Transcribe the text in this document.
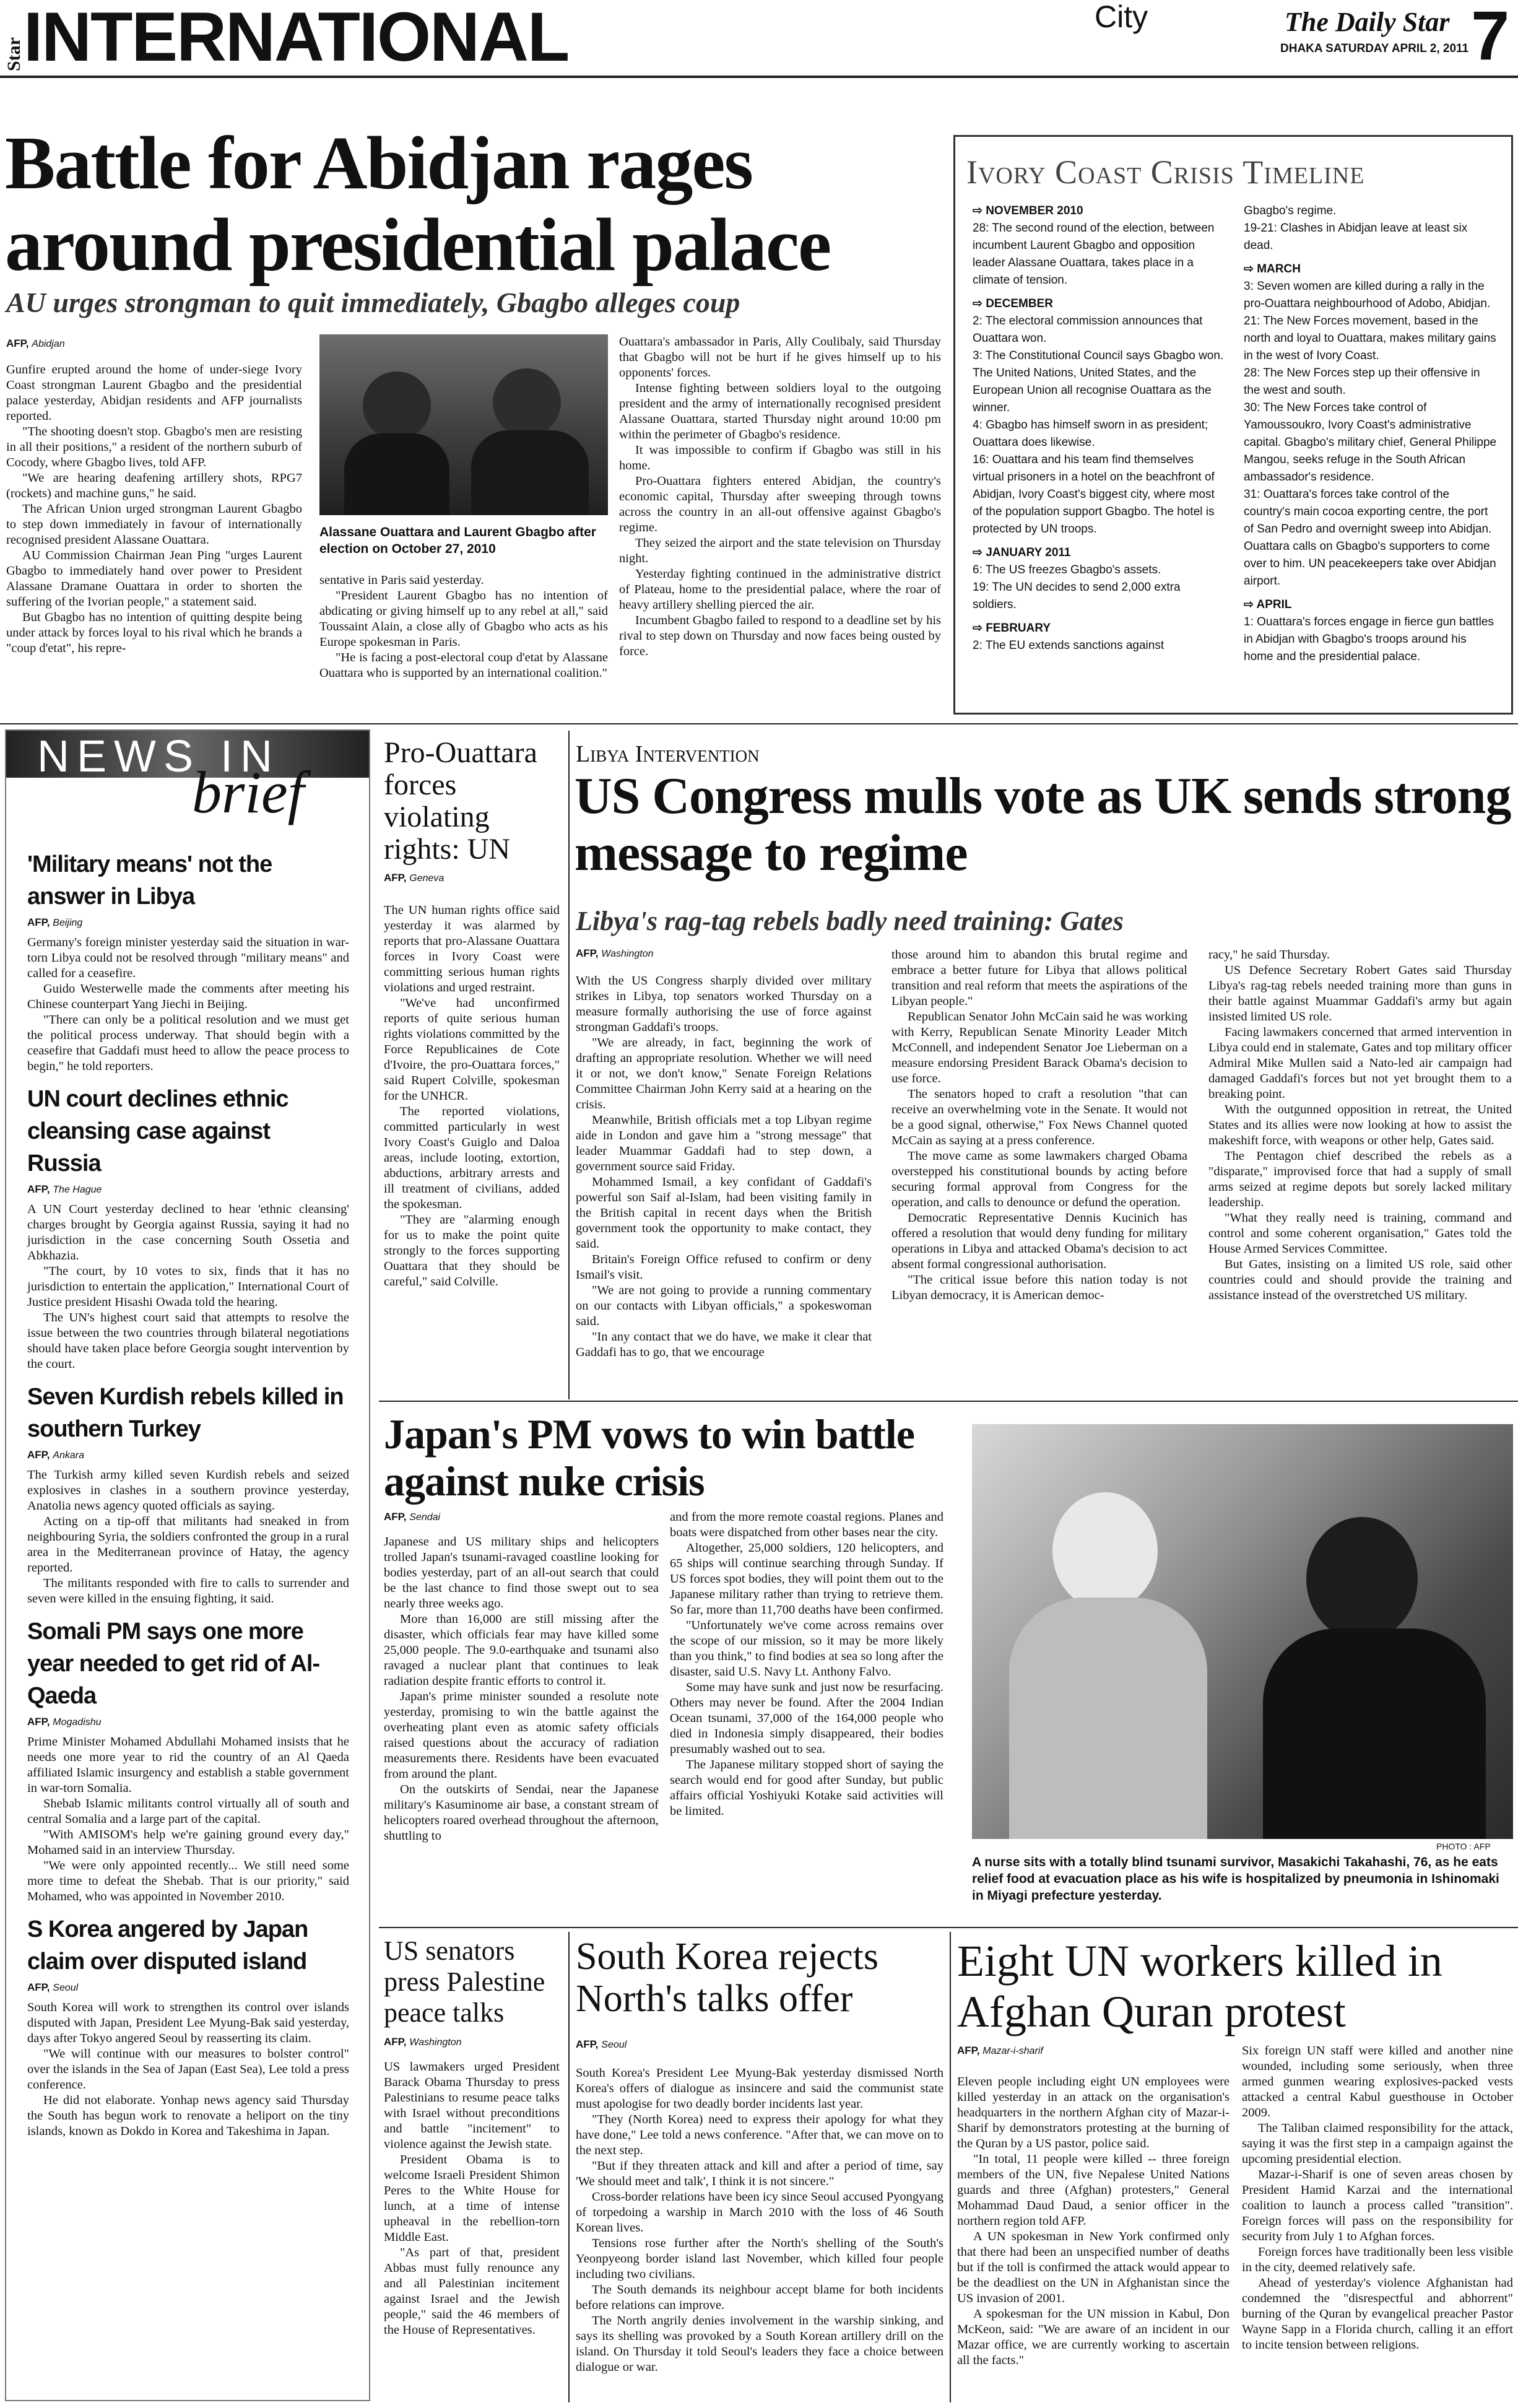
Star INTERNATIONAL	City	The Daily Star
DHAKA SATURDAY APRIL 2, 2011 7
Battle for Abidjan rages around presidential palace
AU urges strongman to quit immediately, Gbagbo alleges coup
AFP, Abidjan

Gunfire erupted around the home of under-siege Ivory Coast strongman Laurent Gbagbo and the presidential palace yesterday, Abidjan residents and AFP journalists reported.

"The shooting doesn't stop. Gbagbo's men are resisting in all their positions," a resident of the northern suburb of Cocody, where Gbagbo lives, told AFP.

"We are hearing deafening artillery shots, RPG7 (rockets) and machine guns," he said.

The African Union urged strongman Laurent Gbagbo to step down immediately in favour of internationally recognised president Alassane Ouattara.

AU Commission Chairman Jean Ping "urges Laurent Gbagbo to immediately hand over power to President Alassane Dramane Ouattara in order to shorten the suffering of the Ivorian people," a statement said.

But Gbagbo has no intention of quitting despite being under attack by forces loyal to his rival which he brands a "coup d'etat", his repre-

Alassane Ouattara and Laurent Gbagbo after election on October 27, 2010

sentative in Paris said yesterday.

"President Laurent Gbagbo has no intention of abdicating or giving himself up to any rebel at all," said Toussaint Alain, a close ally of Gbagbo who acts as his Europe spokesman in Paris.

"He is facing a post-electoral coup d'etat by Alassane Ouattara who is supported by an international coalition."

Ouattara's ambassador in Paris, Ally Coulibaly, said Thursday that Gbagbo will not be hurt if he gives himself up to his opponents' forces.

Intense fighting between soldiers loyal to the outgoing president and the army of internationally recognised president Alassane Ouattara, started Thursday night around 10:00 pm within the perimeter of Gbagbo's residence.

It was impossible to confirm if Gbagbo was still in his home.

Pro-Ouattara fighters entered Abidjan, the country's economic capital, Thursday after sweeping through towns across the country in an all-out offensive against Gbagbo's regime.

They seized the airport and the state television on Thursday night.

Yesterday fighting continued in the administrative district of Plateau, home to the presidential palace, where the roar of heavy artillery shelling pierced the air.

Incumbent Gbagbo failed to respond to a deadline set by his rival to step down on Thursday and now faces being ousted by force.

Ivory Coast Crisis Timeline
⇨ NOVEMBER 2010

28: The second round of the election, between incumbent Laurent Gbagbo and opposition leader Alassane Ouattara, takes place in a climate of tension.

⇨ DECEMBER

2: The electoral commission announces that Ouattara won.

3: The Constitutional Council says Gbagbo won.

The United Nations, United States, and the European Union all recognise Ouattara as the winner.

4: Gbagbo has himself sworn in as president; Ouattara does likewise.

16: Ouattara and his team find themselves virtual prisoners in a hotel on the beachfront of Abidjan, Ivory Coast's biggest city, where most of the population support Gbagbo. The hotel is protected by UN troops.

⇨ JANUARY 2011

6: The US freezes Gbagbo's assets.

19: The UN decides to send 2,000 extra soldiers.

⇨ FEBRUARY

2: The EU extends sanctions against

Gbagbo's regime.

19-21: Clashes in Abidjan leave at least six dead.

⇨ MARCH

3: Seven women are killed during a rally in the pro-Ouattara neighbourhood of Adobo, Abidjan.

21: The New Forces movement, based in the north and loyal to Ouattara, makes military gains in the west of Ivory Coast.

28: The New Forces step up their offensive in the west and south.

30: The New Forces take control of Yamoussoukro, Ivory Coast's administrative capital. Gbagbo's military chief, General Philippe Mangou, seeks refuge in the South African ambassador's residence.

31: Ouattara's forces take control of the country's main cocoa exporting centre, the port of San Pedro and overnight sweep into Abidjan. Ouattara calls on Gbagbo's supporters to come over to him. UN peacekeepers take over Abidjan airport.

⇨ APRIL

1: Ouattara's forces engage in fierce gun battles in Abidjan with Gbagbo's troops around his home and the presidential palace.

NEWS IN
brief
'Military means' not the answer in Libya
AFP, Beijing

Germany's foreign minister yesterday said the situation in war-torn Libya could not be resolved through "military means" and called for a ceasefire.

Guido Westerwelle made the comments after meeting his Chinese counterpart Yang Jiechi in Beijing.

"There can only be a political resolution and we must get the political process underway. That should begin with a ceasefire that Gaddafi must heed to allow the peace process to begin," he told reporters.

UN court declines ethnic cleansing case against Russia
AFP, The Hague

A UN Court yesterday declined to hear 'ethnic cleansing' charges brought by Georgia against Russia, saying it had no jurisdiction in the case concerning South Ossetia and Abkhazia.

"The court, by 10 votes to six, finds that it has no jurisdiction to entertain the application," International Court of Justice president Hisashi Owada told the hearing.

The UN's highest court said that attempts to resolve the issue between the two countries through bilateral negotiations should have taken place before Georgia sought intervention by the court.

Seven Kurdish rebels killed in southern Turkey
AFP, Ankara

The Turkish army killed seven Kurdish rebels and seized explosives in clashes in a southern province yesterday, Anatolia news agency quoted officials as saying.

Acting on a tip-off that militants had sneaked in from neighbouring Syria, the soldiers confronted the group in a rural area in the Mediterranean province of Hatay, the agency reported.

The militants responded with fire to calls to surrender and seven were killed in the ensuing fighting, it said.

Somali PM says one more year needed to get rid of Al-Qaeda
AFP, Mogadishu

Prime Minister Mohamed Abdullahi Mohamed insists that he needs one more year to rid the country of an Al Qaeda affiliated Islamic insurgency and establish a stable government in war-torn Somalia.

Shebab Islamic militants control virtually all of south and central Somalia and a large part of the capital.

"With AMISOM's help we're gaining ground every day," Mohamed said in an interview Thursday.

"We were only appointed recently... We still need some more time to defeat the Shebab. That is our priority," said Mohamed, who was appointed in November 2010.

S Korea angered by Japan claim over disputed island
AFP, Seoul

South Korea will work to strengthen its control over islands disputed with Japan, President Lee Myung-Bak said yesterday, days after Tokyo angered Seoul by reasserting its claim.

"We will continue with our measures to bolster control" over the islands in the Sea of Japan (East Sea), Lee told a press conference.

He did not elaborate. Yonhap news agency said Thursday the South has begun work to renovate a heliport on the tiny islands, known as Dokdo in Korea and Takeshima in Japan.

Pro-Ouattara forces violating rights: UN
AFP, Geneva

The UN human rights office said yesterday it was alarmed by reports that pro-Alassane Ouattara forces in Ivory Coast were committing serious human rights violations and urged restraint.

"We've had unconfirmed reports of quite serious human rights violations committed by the Force Republicaines de Cote d'Ivoire, the pro-Ouattara forces," said Rupert Colville, spokesman for the UNHCR.

The reported violations, committed particularly in west Ivory Coast's Guiglo and Daloa areas, include looting, extortion, abductions, arbitrary arrests and ill treatment of civilians, added the spokesman.

"They are "alarming enough for us to make the point quite strongly to the forces supporting Ouattara that they should be careful," said Colville.

Libya Intervention
US Congress mulls vote as UK sends strong message to regime
Libya's rag-tag rebels badly need training: Gates
AFP, Washington

With the US Congress sharply divided over military strikes in Libya, top senators worked Thursday on a measure formally authorising the use of force against strongman Gaddafi's troops.

"We are already, in fact, beginning the work of drafting an appropriate resolution. Whether we will need it or not, we don't know," Senate Foreign Relations Committee Chairman John Kerry said at a hearing on the crisis.

Meanwhile, British officials met a top Libyan regime aide in London and gave him a "strong message" that leader Muammar Gaddafi had to step down, a government source said Friday.

Mohammed Ismail, a key confidant of Gaddafi's powerful son Saif al-Islam, had been visiting family in the British capital in recent days when the British government took the opportunity to make contact, they said.

Britain's Foreign Office refused to confirm or deny Ismail's visit.

"We are not going to provide a running commentary on our contacts with Libyan officials," a spokeswoman said.

"In any contact that we do have, we make it clear that Gaddafi has to go, that we encourage

those around him to abandon this brutal regime and embrace a better future for Libya that allows political transition and real reform that meets the aspirations of the Libyan people."

Republican Senator John McCain said he was working with Kerry, Republican Senate Minority Leader Mitch McConnell, and independent Senator Joe Lieberman on a measure endorsing President Barack Obama's decision to use force.

The senators hoped to craft a resolution "that can receive an overwhelming vote in the Senate. It would not be a good signal, otherwise," Fox News Channel quoted McCain as saying at a press conference.

The move came as some lawmakers charged Obama overstepped his constitutional bounds by acting before securing formal approval from Congress for the operation, and calls to denounce or defund the operation.

Democratic Representative Dennis Kucinich has offered a resolution that would deny funding for military operations in Libya and attacked Obama's decision to act absent formal congressional authorisation.

"The critical issue before this nation today is not Libyan democracy, it is American democ-

racy," he said Thursday.

US Defence Secretary Robert Gates said Thursday Libya's rag-tag rebels needed training more than guns in their battle against Muammar Gaddafi's army but again insisted limited US role.

Facing lawmakers concerned that armed intervention in Libya could end in stalemate, Gates and top military officer Admiral Mike Mullen said a Nato-led air campaign had damaged Gaddafi's forces but not yet brought them to a breaking point.

With the outgunned opposition in retreat, the United States and its allies were now looking at how to assist the makeshift force, with weapons or other help, Gates said.

The Pentagon chief described the rebels as a "disparate," improvised force that had a supply of small arms seized at regime depots but sorely lacked military leadership.

"What they really need is training, command and control and some coherent organisation," Gates told the House Armed Services Committee.

But Gates, insisting on a limited US role, said other countries could and should provide the training and assistance instead of the overstretched US military.

Japan's PM vows to win battle against nuke crisis
AFP, Sendai

Japanese and US military ships and helicopters trolled Japan's tsunami-ravaged coastline looking for bodies yesterday, part of an all-out search that could be the last chance to find those swept out to sea nearly three weeks ago.

More than 16,000 are still missing after the disaster, which officials fear may have killed some 25,000 people. The 9.0-earthquake and tsunami also ravaged a nuclear plant that continues to leak radiation despite frantic efforts to control it.

Japan's prime minister sounded a resolute note yesterday, promising to win the battle against the overheating plant even as atomic safety officials raised questions about the accuracy of radiation measurements there. Residents have been evacuated from around the plant.

On the outskirts of Sendai, near the Japanese military's Kasuminome air base, a constant stream of helicopters roared overhead throughout the afternoon, shuttling to

and from the more remote coastal regions. Planes and boats were dispatched from other bases near the city.

Altogether, 25,000 soldiers, 120 helicopters, and 65 ships will continue searching through Sunday. If US forces spot bodies, they will point them out to the Japanese military rather than trying to retrieve them. So far, more than 11,700 deaths have been confirmed.

"Unfortunately we've come across remains over the scope of our mission, so it may be more likely than you think," to find bodies at sea so long after the disaster, said U.S. Navy Lt. Anthony Falvo.

Some may have sunk and just now be resurfacing. Others may never be found. After the 2004 Indian Ocean tsunami, 37,000 of the 164,000 people who died in Indonesia simply disappeared, their bodies presumably washed out to sea.

The Japanese military stopped short of saying the search would end for good after Sunday, but public affairs official Yoshiyuki Kotake said activities will be limited.

PHOTO : AFP
A nurse sits with a totally blind tsunami survivor, Masakichi Takahashi, 76, as he eats relief food at evacuation place as his wife is hospitalized by pneumonia in Ishinomaki in Miyagi prefecture yesterday.
US senators press Palestine peace talks
AFP, Washington

US lawmakers urged President Barack Obama Thursday to press Palestinians to resume peace talks with Israel without preconditions and battle "incitement" to violence against the Jewish state.

President Obama is to welcome Israeli President Shimon Peres to the White House for lunch, at a time of intense upheaval in the rebellion-torn Middle East.

"As part of that, president Abbas must fully renounce any and all Palestinian incitement against Israel and the Jewish people," said the 46 members of the House of Representatives.

South Korea rejects North's talks offer
AFP, Seoul

South Korea's President Lee Myung-Bak yesterday dismissed North Korea's offers of dialogue as insincere and said the communist state must apologise for two deadly border incidents last year.

"They (North Korea) need to express their apology for what they have done," Lee told a news conference. "After that, we can move on to the next step.

"But if they threaten attack and kill and after a period of time, say 'We should meet and talk', I think it is not sincere."

Cross-border relations have been icy since Seoul accused Pyongyang of torpedoing a warship in March 2010 with the loss of 46 South Korean lives.

Tensions rose further after the North's shelling of the South's Yeonpyeong border island last November, which killed four people including two civilians.

The South demands its neighbour accept blame for both incidents before relations can improve.

The North angrily denies involvement in the warship sinking, and says its shelling was provoked by a South Korean artillery drill on the island. On Thursday it told Seoul's leaders they face a choice between dialogue or war.

Eight UN workers killed in Afghan Quran protest
AFP, Mazar-i-sharif

Eleven people including eight UN employees were killed yesterday in an attack on the organisation's headquarters in the northern Afghan city of Mazar-i-Sharif by demonstrators protesting at the burning of the Quran by a US pastor, police said.

"In total, 11 people were killed -- three foreign members of the UN, five Nepalese United Nations guards and three (Afghan) protesters," General Mohammad Daud Daud, a senior officer in the northern region told AFP.

A UN spokesman in New York confirmed only that there had been an unspecified number of deaths but if the toll is confirmed the attack would appear to be the deadliest on the UN in Afghanistan since the US invasion of 2001.

A spokesman for the UN mission in Kabul, Don McKeon, said: "We are aware of an incident in our Mazar office, we are currently working to ascertain all the facts."

Six foreign UN staff were killed and another nine wounded, including some seriously, when three armed gunmen wearing explosives-packed vests attacked a central Kabul guesthouse in October 2009.

The Taliban claimed responsibility for the attack, saying it was the first step in a campaign against the upcoming presidential election.

Mazar-i-Sharif is one of seven areas chosen by President Hamid Karzai and the international coalition to launch a process called "transition". Foreign forces will pass on the responsibility for security from July 1 to Afghan forces.

Foreign forces have traditionally been less visible in the city, deemed relatively safe.

Ahead of yesterday's violence Afghanistan had condemned the "disrespectful and abhorrent" burning of the Quran by evangelical preacher Pastor Wayne Sapp in a Florida church, calling it an effort to incite tension between religions.
